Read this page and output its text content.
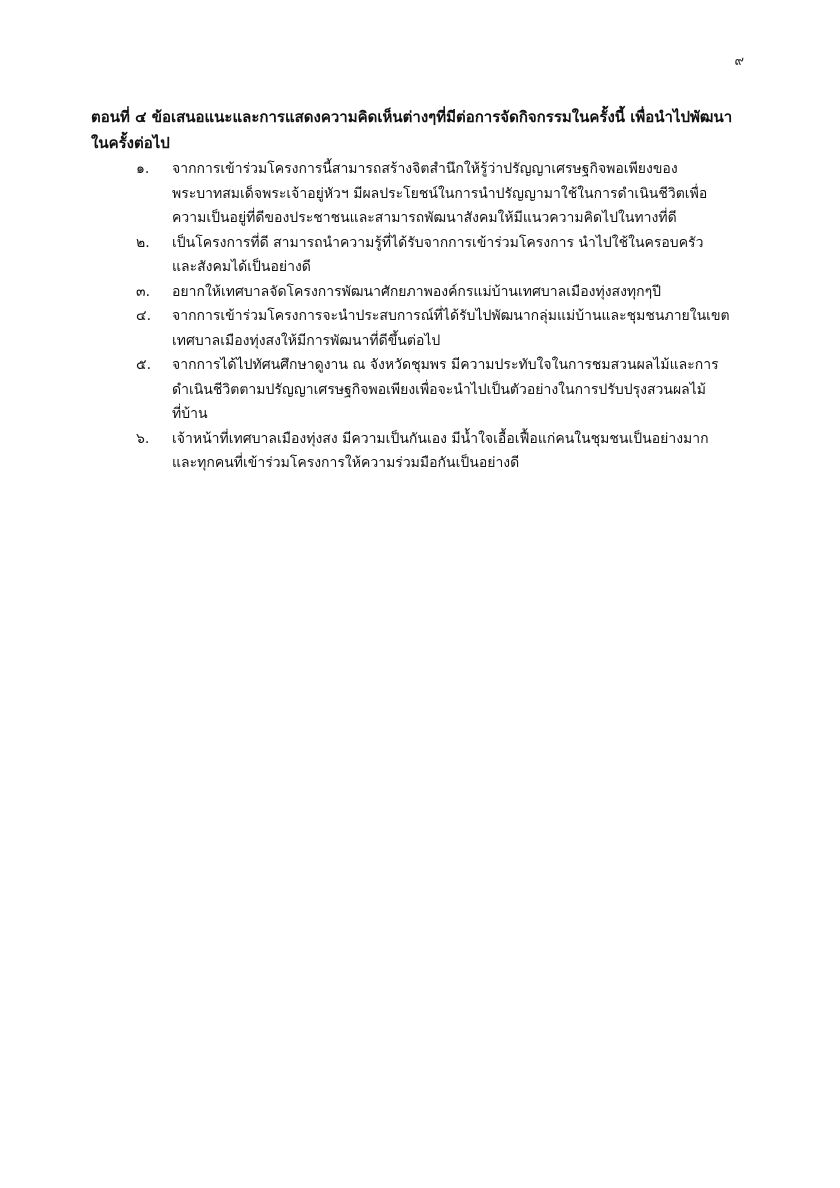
๙
ตอนที่ ๔ ข้อเสนอแนะและการแสดงความคิดเห็นต่างๆที่มีต่อการจัดกิจกรรมในครั้งนี้ เพื่อนำไปพัฒนาในครั้งต่อไป
๑.	จากการเข้าร่วมโครงการนี้สามารถสร้างจิตสำนึกให้รู้ว่าปรัญญาเศรษฐกิจพอเพียงของ
พระบาทสมเด็จพระเจ้าอยู่หัวฯ มีผลประโยชน์ในการนำปรัญญามาใช้ในการดำเนินชีวิตเพื่อ
ความเป็นอยู่ที่ดีของประชาชนและสามารถพัฒนาสังคมให้มีแนวความคิดไปในทางที่ดี
๒.	เป็นโครงการที่ดี สามารถนำความรู้ที่ได้รับจากการเข้าร่วมโครงการ นำไปใช้ในครอบครัว
และสังคมได้เป็นอย่างดี
๓.	อยากให้เทศบาลจัดโครงการพัฒนาศักยภาพองค์กรแม่บ้านเทศบาลเมืองทุ่งสงทุกๆปี
๔.	จากการเข้าร่วมโครงการจะนำประสบการณ์ที่ได้รับไปพัฒนากลุ่มแม่บ้านและชุมชนภายในเขต
เทศบาลเมืองทุ่งสงให้มีการพัฒนาที่ดีขึ้นต่อไป
๕.	จากการได้ไปทัศนศึกษาดูงาน ณ จังหวัดชุมพร มีความประทับใจในการชมสวนผลไม้และการ
ดำเนินชีวิตตามปรัญญาเศรษฐกิจพอเพียงเพื่อจะนำไปเป็นตัวอย่างในการปรับปรุงสวนผลไม้
ที่บ้าน
๖.	เจ้าหน้าที่เทศบาลเมืองทุ่งสง มีความเป็นกันเอง มีน้ำใจเอื้อเฟื้อแก่คนในชุมชนเป็นอย่างมาก
และทุกคนที่เข้าร่วมโครงการให้ความร่วมมือกันเป็นอย่างดี
